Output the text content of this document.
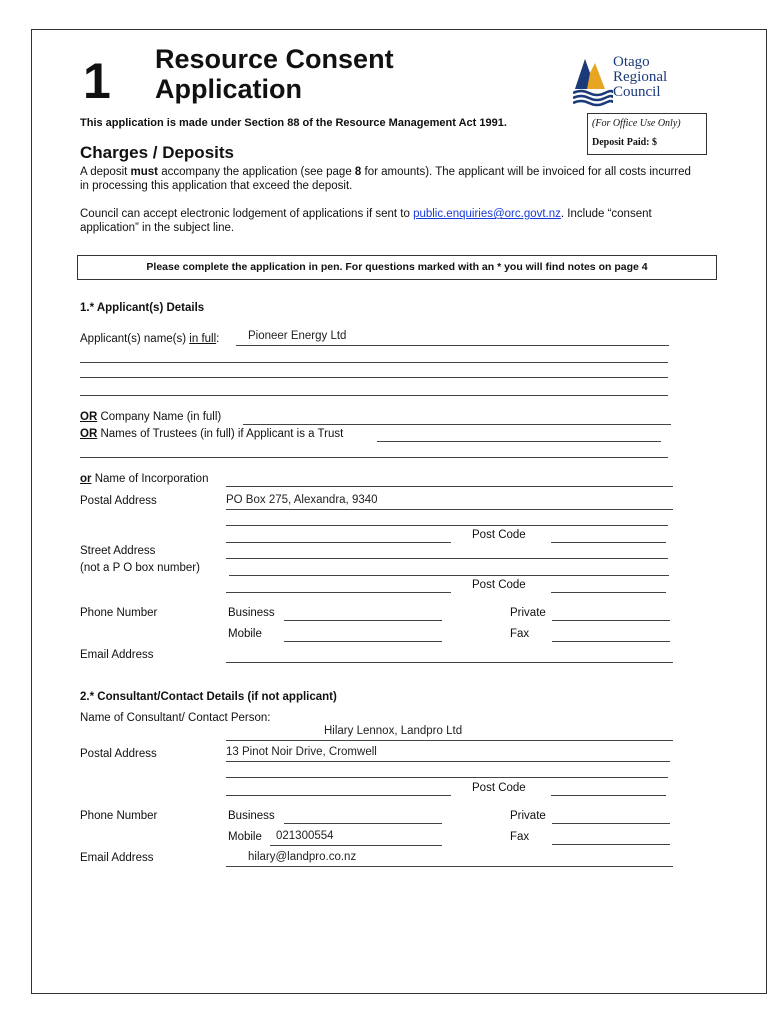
1 Resource Consent
Application
Otago
Regional
Council
(For Office Use Only)
Deposit Paid: $
This application is made under Section 88 of the Resource Management Act 1991.
Charges / Deposits
A deposit must accompany the application (see page 8 for amounts). The applicant will be invoiced for all costs incurred in processing this application that exceed the deposit.
Council can accept electronic lodgement of applications if sent to public.enquiries@orc.govt.nz. Include “consent application” in the subject line.
Please complete the application in pen. For questions marked with an * you will find notes on page 4
1.* Applicant(s) Details
Applicant(s) name(s) in full: Pioneer Energy Ltd
OR Company Name (in full)
OR Names of Trustees (in full) if Applicant is a Trust
or Name of Incorporation
Postal Address	PO Box 275, Alexandra, 9340
Post Code
Street Address
(not a P O box number)
Post Code
Phone Number	Business	Private
Mobile	Fax
Email Address
2.* Consultant/Contact Details (if not applicant)
Name of Consultant/ Contact Person:
Hilary Lennox, Landpro Ltd
Postal Address	13 Pinot Noir Drive, Cromwell
Post Code
Phone Number	Business	Private
Mobile 021300554	Fax
Email Address	hilary@landpro.co.nz
